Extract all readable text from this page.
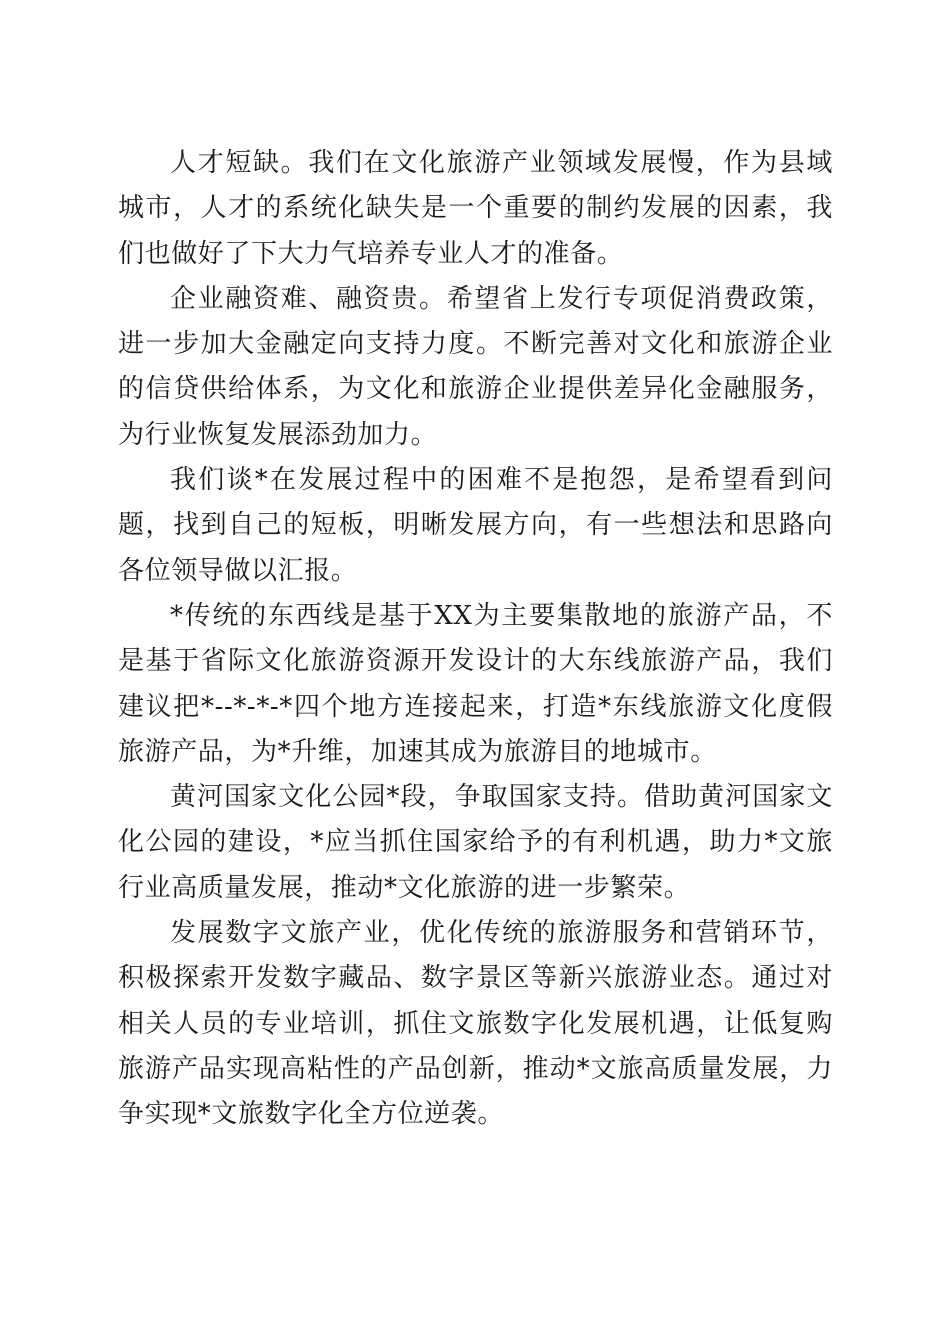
人才短缺。我们在文化旅游产业领域发展慢，作为县域城市，人才的系统化缺失是一个重要的制约发展的因素，我们也做好了下大力气培养专业人才的准备。

企业融资难、融资贵。希望省上发行专项促消费政策，进一步加大金融定向支持力度。不断完善对文化和旅游企业的信贷供给体系，为文化和旅游企业提供差异化金融服务，为行业恢复发展添劲加力。

我们谈*在发展过程中的困难不是抱怨，是希望看到问题，找到自己的短板，明晰发展方向，有一些想法和思路向各位领导做以汇报。

*传统的东西线是基于XX为主要集散地的旅游产品，不是基于省际文化旅游资源开发设计的大东线旅游产品，我们建议把*--*-*-*四个地方连接起来，打造*东线旅游文化度假旅游产品，为*升维，加速其成为旅游目的地城市。

黄河国家文化公园*段，争取国家支持。借助黄河国家文化公园的建设，*应当抓住国家给予的有利机遇，助力*文旅行业高质量发展，推动*文化旅游的进一步繁荣。

发展数字文旅产业，优化传统的旅游服务和营销环节，积极探索开发数字藏品、数字景区等新兴旅游业态。通过对相关人员的专业培训，抓住文旅数字化发展机遇，让低复购旅游产品实现高粘性的产品创新，推动*文旅高质量发展，力争实现*文旅数字化全方位逆袭。
